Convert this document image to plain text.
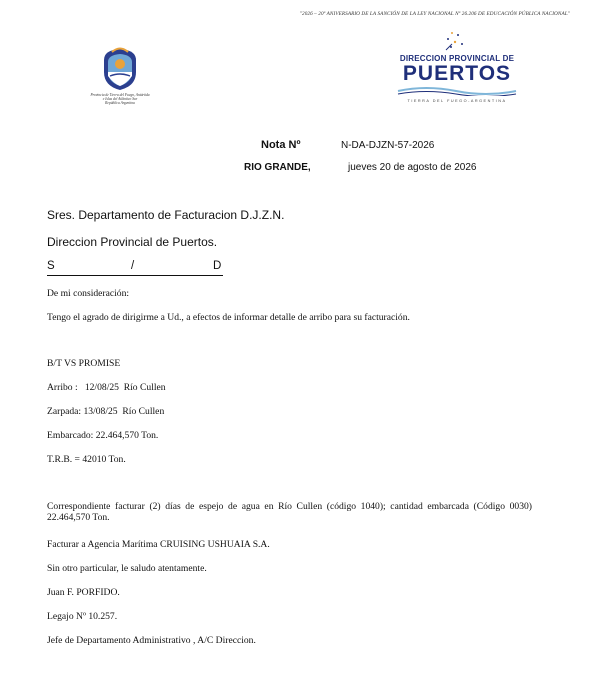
"2026 – 20º ANIVERSARIO DE LA SANCIÓN DE LA LEY NACIONAL Nº 26.206 DE EDUCACIÓN PÚBLICA NACIONAL"
Provincia de Tierra del Fuego, Antártida
e Islas del Atlántico Sur
República Argentina
DIRECCION PROVINCIAL DE
PUERTOS
TIERRA DEL FUEGO-ARGENTINA
Nota Nº	N-DA-DJZN-57-2026
RIO GRANDE,	jueves 20 de agosto de 2026
Sres. Departamento de Facturacion D.J.Z.N.
Direccion Provincial de Puertos.
S	/	D
De mi consideración:
Tengo el agrado de dirigirme a Ud., a efectos de informar detalle de arribo para su facturación.
B/T VS PROMISE
Arribo :   12/08/25  Río Cullen
Zarpada: 13/08/25  Río Cullen
Embarcado: 22.464,570 Ton.
T.R.B. = 42010 Ton.
Correspondiente facturar (2) días de espejo de agua en Río Cullen (código 1040); cantidad embarcada (Código 0030)  22.464,570 Ton.
Facturar a Agencia Marítima CRUISING USHUAIA S.A.
Sin otro particular, le saludo atentamente.
Juan F. PORFIDO.
Legajo Nº 10.257.
Jefe de Departamento Administrativo , A/C Direccion.
